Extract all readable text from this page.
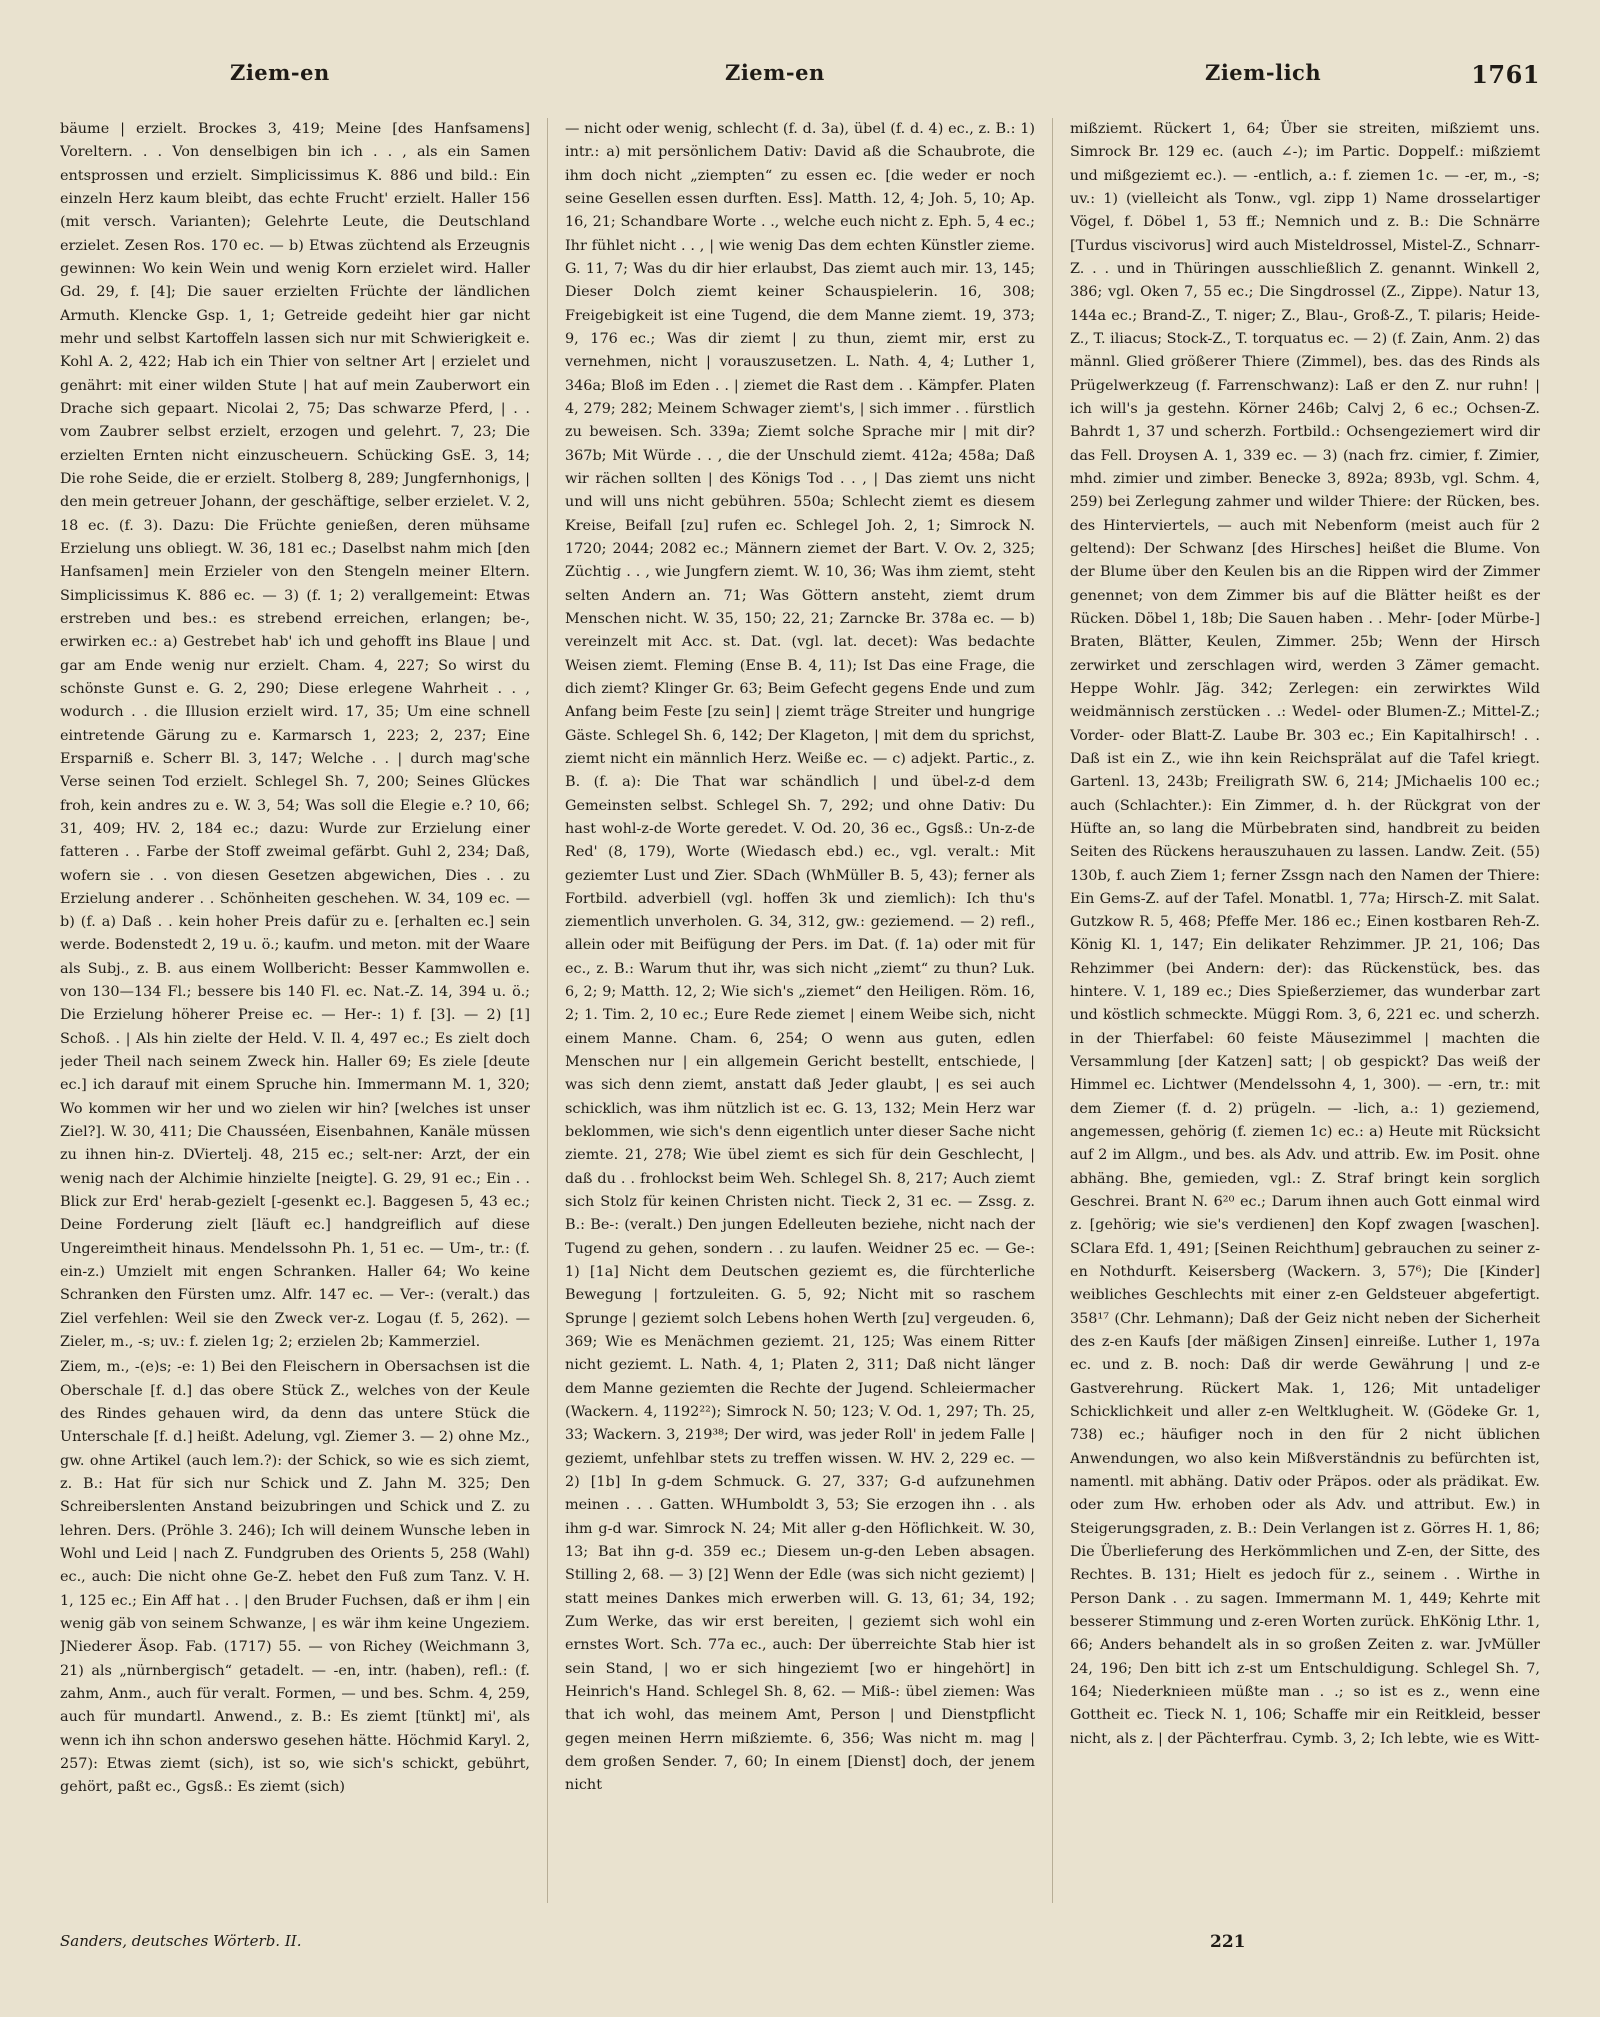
Ziem-en	Ziem-en	Ziem-lich	1761

bäume | erzielt. Brockes 3, 419; Meine [des Hanfsamens] Voreltern. . . Von denselbigen bin ich . . , als ein Samen entsprossen und erzielt. Simplicissimus K. 886 und bild.: Ein einzeln Herz kaum bleibt, das echte Frucht' erzielt. Haller 156 (mit versch. Varianten); Gelehrte Leute, die Deutschland erzielet. Zesen Ros. 170 ec. — b) Etwas züchtend als Erzeugnis gewinnen: Wo kein Wein und wenig Korn erzielet wird. Haller Gd. 29, f. [4]; Die sauer erzielten Früchte der ländlichen Armuth. Klencke Gsp. 1, 1; Getreide gedeiht hier gar nicht mehr und selbst Kartoffeln lassen sich nur mit Schwierigkeit e. Kohl A. 2, 422; Hab ich ein Thier von seltner Art | erzielet und genährt: mit einer wilden Stute | hat auf mein Zauberwort ein Drache sich gepaart. Nicolai 2, 75; Das schwarze Pferd, | . . vom Zaubrer selbst erzielt, erzogen und gelehrt. 7, 23; Die erzielten Ernten nicht einzuscheuern. Schücking GsE. 3, 14; Die rohe Seide, die er erzielt. Stolberg 8, 289; Jungfernhonigs, | den mein getreuer Johann, der geschäftige, selber erzielet. V. 2, 18 ec. (f. 3). Dazu: Die Früchte genießen, deren mühsame Erzielung uns obliegt. W. 36, 181 ec.; Daselbst nahm mich [den Hanfsamen] mein Erzieler von den Stengeln meiner Eltern. Simplicissimus K. 886 ec. — 3) (f. 1; 2) verallgemeint: Etwas erstreben und bes.: es strebend erreichen, erlangen; be-, erwirken ec.: a) Gestrebet hab' ich und gehofft ins Blaue | und gar am Ende wenig nur erzielt. Cham. 4, 227; So wirst du schönste Gunst e. G. 2, 290; Diese erlegene Wahrheit . . , wodurch . . die Illusion erzielt wird. 17, 35; Um eine schnell eintretende Gärung zu e. Karmarsch 1, 223; 2, 237; Eine Ersparniß e. Scherr Bl. 3, 147; Welche . . | durch mag'sche Verse seinen Tod erzielt. Schlegel Sh. 7, 200; Seines Glückes froh, kein andres zu e. W. 3, 54; Was soll die Elegie e.? 10, 66; 31, 409; HV. 2, 184 ec.; dazu: Wurde zur Erzielung einer fatteren . . Farbe der Stoff zweimal gefärbt. Guhl 2, 234; Daß, wofern sie . . von diesen Gesetzen abgewichen, Dies . . zu Erzielung anderer . . Schönheiten geschehen. W. 34, 109 ec. — b) (f. a) Daß . . kein hoher Preis dafür zu e. [erhalten ec.] sein werde. Bodenstedt 2, 19 u. ö.; kaufm. und meton. mit der Waare als Subj., z. B. aus einem Wollbericht: Besser Kammwollen e. von 130—134 Fl.; bessere bis 140 Fl. ec. Nat.-Z. 14, 394 u. ö.; Die Erzielung höherer Preise ec. — Her-: 1) f. [3]. — 2) [1] Schoß. . | Als hin zielte der Held. V. Il. 4, 497 ec.; Es zielt doch jeder Theil nach seinem Zweck hin. Haller 69; Es ziele [deute ec.] ich darauf mit einem Spruche hin. Immermann M. 1, 320; Wo kommen wir her und wo zielen wir hin? [welches ist unser Ziel?]. W. 30, 411; Die Chausséen, Eisenbahnen, Kanäle müssen zu ihnen hin-z. DViertelj. 48, 215 ec.; selt-ner: Arzt, der ein wenig nach der Alchimie hinzielte [neigte]. G. 29, 91 ec.; Ein . . Blick zur Erd' herab-gezielt [-gesenkt ec.]. Baggesen 5, 43 ec.; Deine Forderung zielt [läuft ec.] handgreiflich auf diese Ungereimtheit hinaus. Mendelssohn Ph. 1, 51 ec. — Um-, tr.: (f. ein-z.) Umzielt mit engen Schranken. Haller 64; Wo keine Schranken den Fürsten umz. Alfr. 147 ec. — Ver-: (veralt.) das Ziel verfehlen: Weil sie den Zweck ver-z. Logau (f. 5, 262). — Zieler, m., -s; uv.: f. zielen 1g; 2; erzielen 2b; Kammerziel.

Ziem, m., -(e)s; -e: 1) Bei den Fleischern in Obersachsen ist die Oberschale [f. d.] das obere Stück Z., welches von der Keule des Rindes gehauen wird, da denn das untere Stück die Unterschale [f. d.] heißt. Adelung, vgl. Ziemer 3. — 2) ohne Mz., gw. ohne Artikel (auch lem.?): der Schick, so wie es sich ziemt, z. B.: Hat für sich nur Schick und Z. Jahn M. 325; Den Schreiberslenten Anstand beizubringen und Schick und Z. zu lehren. Ders. (Pröhle 3. 246); Ich will deinem Wunsche leben in Wohl und Leid | nach Z. Fundgruben des Orients 5, 258 (Wahl) ec., auch: Die nicht ohne Ge-Z. hebet den Fuß zum Tanz. V. H. 1, 125 ec.; Ein Aff hat . . | den Bruder Fuchsen, daß er ihm | ein wenig gäb von seinem Schwanze, | es wär ihm keine Ungeziem. JNiederer Äsop. Fab. (1717) 55. — von Richey (Weichmann 3, 21) als „nürnbergisch“ getadelt. — -en, intr. (haben), refl.: (f. zahm, Anm., auch für veralt. Formen, — und bes. Schm. 4, 259, auch für mundartl. Anwend., z. B.: Es ziemt [tünkt] mi', als wenn ich ihn schon anderswo gesehen hätte. Höchmid Karyl. 2, 257): Etwas ziemt (sich), ist so, wie sich's schickt, gebührt, gehört, paßt ec., Ggsß.: Es ziemt (sich)

— nicht oder wenig, schlecht (f. d. 3a), übel (f. d. 4) ec., z. B.: 1) intr.: a) mit persönlichem Dativ: David aß die Schaubrote, die ihm doch nicht „ziempten“ zu essen ec. [die weder er noch seine Gesellen essen durften. Ess]. Matth. 12, 4; Joh. 5, 10; Ap. 16, 21; Schandbare Worte . ., welche euch nicht z. Eph. 5, 4 ec.; Ihr fühlet nicht . . , | wie wenig Das dem echten Künstler zieme. G. 11, 7; Was du dir hier erlaubst, Das ziemt auch mir. 13, 145; Dieser Dolch ziemt keiner Schauspielerin. 16, 308; Freigebigkeit ist eine Tugend, die dem Manne ziemt. 19, 373; 9, 176 ec.; Was dir ziemt | zu thun, ziemt mir, erst zu vernehmen, nicht | vorauszusetzen. L. Nath. 4, 4; Luther 1, 346a; Bloß im Eden . . | ziemet die Rast dem . . Kämpfer. Platen 4, 279; 282; Meinem Schwager ziemt's, | sich immer . . fürstlich zu beweisen. Sch. 339a; Ziemt solche Sprache mir | mit dir? 367b; Mit Würde . . , die der Unschuld ziemt. 412a; 458a; Daß wir rächen sollten | des Königs Tod . . , | Das ziemt uns nicht und will uns nicht gebühren. 550a; Schlecht ziemt es diesem Kreise, Beifall [zu] rufen ec. Schlegel Joh. 2, 1; Simrock N. 1720; 2044; 2082 ec.; Männern ziemet der Bart. V. Ov. 2, 325; Züchtig . . , wie Jungfern ziemt. W. 10, 36; Was ihm ziemt, steht selten Andern an. 71; Was Göttern ansteht, ziemt drum Menschen nicht. W. 35, 150; 22, 21; Zarncke Br. 378a ec. — b) vereinzelt mit Acc. st. Dat. (vgl. lat. decet): Was bedachte Weisen ziemt. Fleming (Ense B. 4, 11); Ist Das eine Frage, die dich ziemt? Klinger Gr. 63; Beim Gefecht gegens Ende und zum Anfang beim Feste [zu sein] | ziemt träge Streiter und hungrige Gäste. Schlegel Sh. 6, 142; Der Klageton, | mit dem du sprichst, ziemt nicht ein männlich Herz. Weiße ec. — c) adjekt. Partic., z. B. (f. a): Die That war schändlich | und übel-z-d dem Gemeinsten selbst. Schlegel Sh. 7, 292; und ohne Dativ: Du hast wohl-z-de Worte geredet. V. Od. 20, 36 ec., Ggsß.: Un-z-de Red' (8, 179), Worte (Wiedasch ebd.) ec., vgl. veralt.: Mit geziemter Lust und Zier. SDach (WhMüller B. 5, 43); ferner als Fortbild. adverbiell (vgl. hoffen 3k und ziemlich): Ich thu's ziementlich unverholen. G. 34, 312, gw.: geziemend. — 2) refl., allein oder mit Beifügung der Pers. im Dat. (f. 1a) oder mit für ec., z. B.: Warum thut ihr, was sich nicht „ziemt“ zu thun? Luk. 6, 2; 9; Matth. 12, 2; Wie sich's „ziemet“ den Heiligen. Röm. 16, 2; 1. Tim. 2, 10 ec.; Eure Rede ziemet | einem Weibe sich, nicht einem Manne. Cham. 6, 254; O wenn aus guten, edlen Menschen nur | ein allgemein Gericht bestellt, entschiede, | was sich denn ziemt, anstatt daß Jeder glaubt, | es sei auch schicklich, was ihm nützlich ist ec. G. 13, 132; Mein Herz war beklommen, wie sich's denn eigentlich unter dieser Sache nicht ziemte. 21, 278; Wie übel ziemt es sich für dein Geschlecht, | daß du . . frohlockst beim Weh. Schlegel Sh. 8, 217; Auch ziemt sich Stolz für keinen Christen nicht. Tieck 2, 31 ec. — Zssg. z. B.: Be-: (veralt.) Den jungen Edelleuten beziehe, nicht nach der Tugend zu gehen, sondern . . zu laufen. Weidner 25 ec. — Ge-: 1) [1a] Nicht dem Deutschen geziemt es, die fürchterliche Bewegung | fortzuleiten. G. 5, 92; Nicht mit so raschem Sprunge | geziemt solch Lebens hohen Werth [zu] vergeuden. 6, 369; Wie es Menächmen geziemt. 21, 125; Was einem Ritter nicht geziemt. L. Nath. 4, 1; Platen 2, 311; Daß nicht länger dem Manne geziemten die Rechte der Jugend. Schleiermacher (Wackern. 4, 1192²²); Simrock N. 50; 123; V. Od. 1, 297; Th. 25, 33; Wackern. 3, 219³⁸; Der wird, was jeder Roll' in jedem Falle | geziemt, unfehlbar stets zu treffen wissen. W. HV. 2, 229 ec. — 2) [1b] In g-dem Schmuck. G. 27, 337; G-d aufzunehmen meinen . . . Gatten. WHumboldt 3, 53; Sie erzogen ihn . . als ihm g-d war. Simrock N. 24; Mit aller g-den Höflichkeit. W. 30, 13; Bat ihn g-d. 359 ec.; Diesem un-g-den Leben absagen. Stilling 2, 68. — 3) [2] Wenn der Edle (was sich nicht geziemt) | statt meines Dankes mich erwerben will. G. 13, 61; 34, 192; Zum Werke, das wir erst bereiten, | geziemt sich wohl ein ernstes Wort. Sch. 77a ec., auch: Der überreichte Stab hier ist sein Stand, | wo er sich hingeziemt [wo er hingehört] in Heinrich's Hand. Schlegel Sh. 8, 62. — Miß-: übel ziemen: Was that ich wohl, das meinem Amt, Person | und Dienstpflicht gegen meinen Herrn mißziemte. 6, 356; Was nicht m. mag | dem großen Sender. 7, 60; In einem [Dienst] doch, der jenem nicht

mißziemt. Rückert 1, 64; Über sie streiten, mißziemt uns. Simrock Br. 129 ec. (auch ∠-); im Partic. Doppelf.: mißziemt und mißgeziemt ec.). — -entlich, a.: f. ziemen 1c. — -er, m., -s; uv.: 1) (vielleicht als Tonw., vgl. zipp 1) Name drosselartiger Vögel, f. Döbel 1, 53 ff.; Nemnich und z. B.: Die Schnärre [Turdus viscivorus] wird auch Misteldrossel, Mistel-Z., Schnarr-Z. . . und in Thüringen ausschließlich Z. genannt. Winkell 2, 386; vgl. Oken 7, 55 ec.; Die Singdrossel (Z., Zippe). Natur 13, 144a ec.; Brand-Z., T. niger; Z., Blau-, Groß-Z., T. pilaris; Heide-Z., T. iliacus; Stock-Z., T. torquatus ec. — 2) (f. Zain, Anm. 2) das männl. Glied größerer Thiere (Zimmel), bes. das des Rinds als Prügelwerkzeug (f. Farrenschwanz): Laß er den Z. nur ruhn! | ich will's ja gestehn. Körner 246b; Calvj 2, 6 ec.; Ochsen-Z. Bahrdt 1, 37 und scherzh. Fortbild.: Ochsengeziemert wird dir das Fell. Droysen A. 1, 339 ec. — 3) (nach frz. cimier, f. Zimier, mhd. zimier und zimber. Benecke 3, 892a; 893b, vgl. Schm. 4, 259) bei Zerlegung zahmer und wilder Thiere: der Rücken, bes. des Hinterviertels, — auch mit Nebenform (meist auch für 2 geltend): Der Schwanz [des Hirsches] heißet die Blume. Von der Blume über den Keulen bis an die Rippen wird der Zimmer genennet; von dem Zimmer bis auf die Blätter heißt es der Rücken. Döbel 1, 18b; Die Sauen haben . . Mehr- [oder Mürbe-] Braten, Blätter, Keulen, Zimmer. 25b; Wenn der Hirsch zerwirket und zerschlagen wird, werden 3 Zämer gemacht. Heppe Wohlr. Jäg. 342; Zerlegen: ein zerwirktes Wild weidmännisch zerstücken . .: Wedel- oder Blumen-Z.; Mittel-Z.; Vorder- oder Blatt-Z. Laube Br. 303 ec.; Ein Kapitalhirsch! . . Daß ist ein Z., wie ihn kein Reichsprälat auf die Tafel kriegt. Gartenl. 13, 243b; Freiligrath SW. 6, 214; JMichaelis 100 ec.; auch (Schlachter.): Ein Zimmer, d. h. der Rückgrat von der Hüfte an, so lang die Mürbebraten sind, handbreit zu beiden Seiten des Rückens herauszuhauen zu lassen. Landw. Zeit. (55) 130b, f. auch Ziem 1; ferner Zssgn nach den Namen der Thiere: Ein Gems-Z. auf der Tafel. Monatbl. 1, 77a; Hirsch-Z. mit Salat. Gutzkow R. 5, 468; Pfeffe Mer. 186 ec.; Einen kostbaren Reh-Z. König Kl. 1, 147; Ein delikater Rehzimmer. JP. 21, 106; Das Rehzimmer (bei Andern: der): das Rückenstück, bes. das hintere. V. 1, 189 ec.; Dies Spießerziemer, das wunderbar zart und köstlich schmeckte. Müggi Rom. 3, 6, 221 ec. und scherzh. in der Thierfabel: 60 feiste Mäusezimmel | machten die Versammlung [der Katzen] satt; | ob gespickt? Das weiß der Himmel ec. Lichtwer (Mendelssohn 4, 1, 300). — -ern, tr.: mit dem Ziemer (f. d. 2) prügeln. — -lich, a.: 1) geziemend, angemessen, gehörig (f. ziemen 1c) ec.: a) Heute mit Rücksicht auf 2 im Allgm., und bes. als Adv. und attrib. Ew. im Posit. ohne abhäng. Bhe, gemieden, vgl.: Z. Straf bringt kein sorglich Geschrei. Brant N. 6²⁰ ec.; Darum ihnen auch Gott einmal wird z. [gehörig; wie sie's verdienen] den Kopf zwagen [waschen]. SClara Efd. 1, 491; [Seinen Reichthum] gebrauchen zu seiner z-en Nothdurft. Keisersberg (Wackern. 3, 57⁶); Die [Kinder] weibliches Geschlechts mit einer z-en Geldsteuer abgefertigt. 358¹⁷ (Chr. Lehmann); Daß der Geiz nicht neben der Sicherheit des z-en Kaufs [der mäßigen Zinsen] einreiße. Luther 1, 197a ec. und z. B. noch: Daß dir werde Gewährung | und z-e Gastverehrung. Rückert Mak. 1, 126; Mit untadeliger Schicklichkeit und aller z-en Weltklugheit. W. (Gödeke Gr. 1, 738) ec.; häufiger noch in den für 2 nicht üblichen Anwendungen, wo also kein Mißverständnis zu befürchten ist, namentl. mit abhäng. Dativ oder Präpos. oder als prädikat. Ew. oder zum Hw. erhoben oder als Adv. und attribut. Ew.) in Steigerungsgraden, z. B.: Dein Verlangen ist z. Görres H. 1, 86; Die Überlieferung des Herkömmlichen und Z-en, der Sitte, des Rechtes. B. 131; Hielt es jedoch für z., seinem . . Wirthe in Person Dank . . zu sagen. Immermann M. 1, 449; Kehrte mit besserer Stimmung und z-eren Worten zurück. EhKönig Lthr. 1, 66; Anders behandelt als in so großen Zeiten z. war. JvMüller 24, 196; Den bitt ich z-st um Entschuldigung. Schlegel Sh. 7, 164; Niederknieen müßte man . .; so ist es z., wenn eine Gottheit ec. Tieck N. 1, 106; Schaffe mir ein Reitkleid, besser nicht, als z. | der Pächterfrau. Cymb. 3, 2; Ich lebte, wie es Witt-

Sanders, deutsches Wörterb. II.	221
